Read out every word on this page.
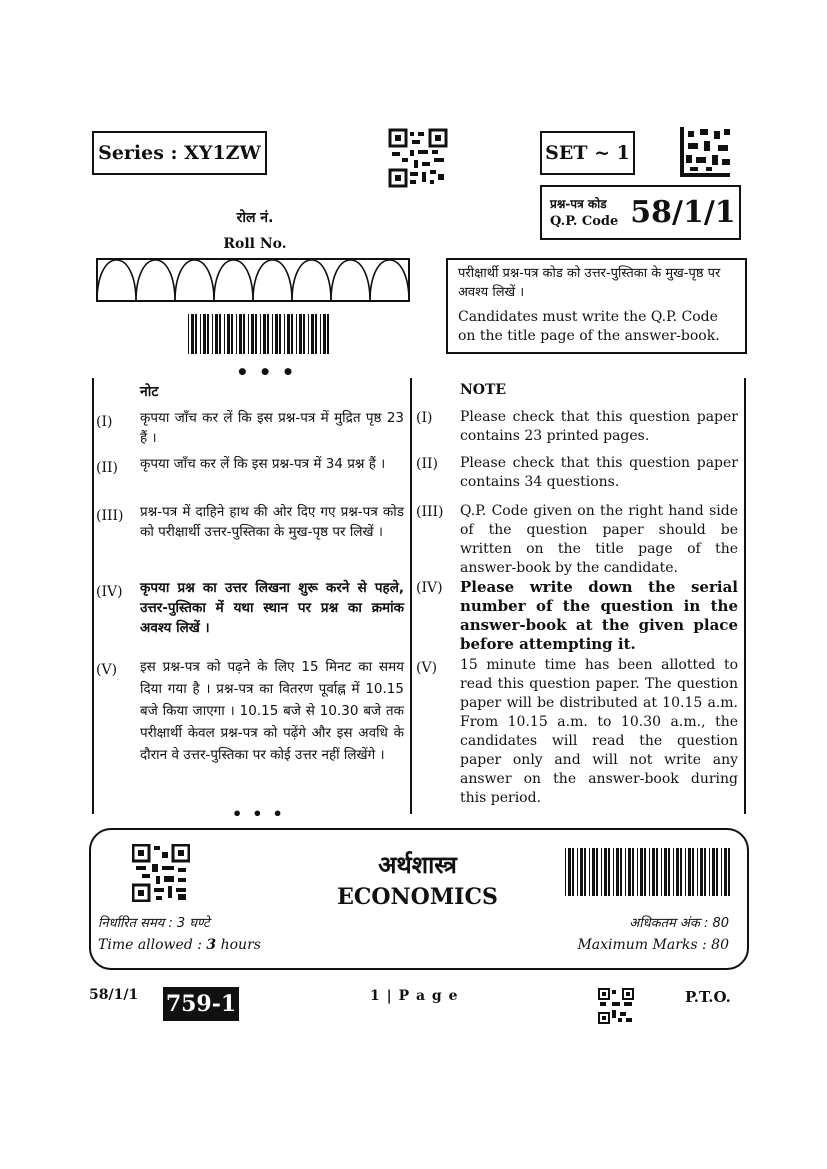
Series : XY1ZW	SET ~ 1
प्रश्न-पत्र कोड
Q.P. Code 58/1/1
रोल नं.
Roll No.
•••
परीक्षार्थी प्रश्न-पत्र कोड को उत्तर-पुस्तिका के मुख-पृष्ठ पर अवश्य लिखें ।
Candidates must write the Q.P. Code on the title page of the answer-book.
नोट	NOTE
(I) कृपया जाँच कर लें कि इस प्रश्न-पत्र में मुद्रित पृष्ठ 23 हैं ।
(I) Please check that this question paper contains 23 printed pages.
(II) कृपया जाँच कर लें कि इस प्रश्न-पत्र में 34 प्रश्न हैं ।	(II) Please check that this question paper contains 34 questions.
(III) प्रश्न-पत्र में दाहिने हाथ की ओर दिए गए प्रश्न-पत्र कोड को परीक्षार्थी उत्तर-पुस्तिका के मुख-पृष्ठ पर लिखें ।
(III) Q.P. Code given on the right hand side of the question paper should be written on the title page of the answer-book by the candidate.
(IV) कृपया प्रश्न का उत्तर लिखना शुरू करने से पहले, उत्तर-पुस्तिका में यथा स्थान पर प्रश्न का क्रमांक अवश्य लिखें ।
(IV) Please write down the serial number of the question in the answer-book at the given place before attempting it.
(V) इस प्रश्न-पत्र को पढ़ने के लिए 15 मिनट का समय दिया गया है । प्रश्न-पत्र का वितरण पूर्वाह्न में 10.15 बजे किया जाएगा । 10.15 बजे से 10.30 बजे तक परीक्षार्थी केवल प्रश्न-पत्र को पढ़ेंगे और इस अवधि के दौरान वे उत्तर-पुस्तिका पर कोई उत्तर नहीं लिखेंगे ।
(V) 15 minute time has been allotted to read this question paper. The question paper will be distributed at 10.15 a.m. From 10.15 a.m. to 10.30 a.m., the candidates will read the question paper only and will not write any answer on the answer-book during this period.
•••
अर्थशास्त्र
ECONOMICS
निर्धारित समय : 3 घण्टे
Time allowed : 3 hours
अधिकतम अंक : 80
Maximum Marks : 80
58/1/1 759-1	1 | P a g e	P.T.O.
